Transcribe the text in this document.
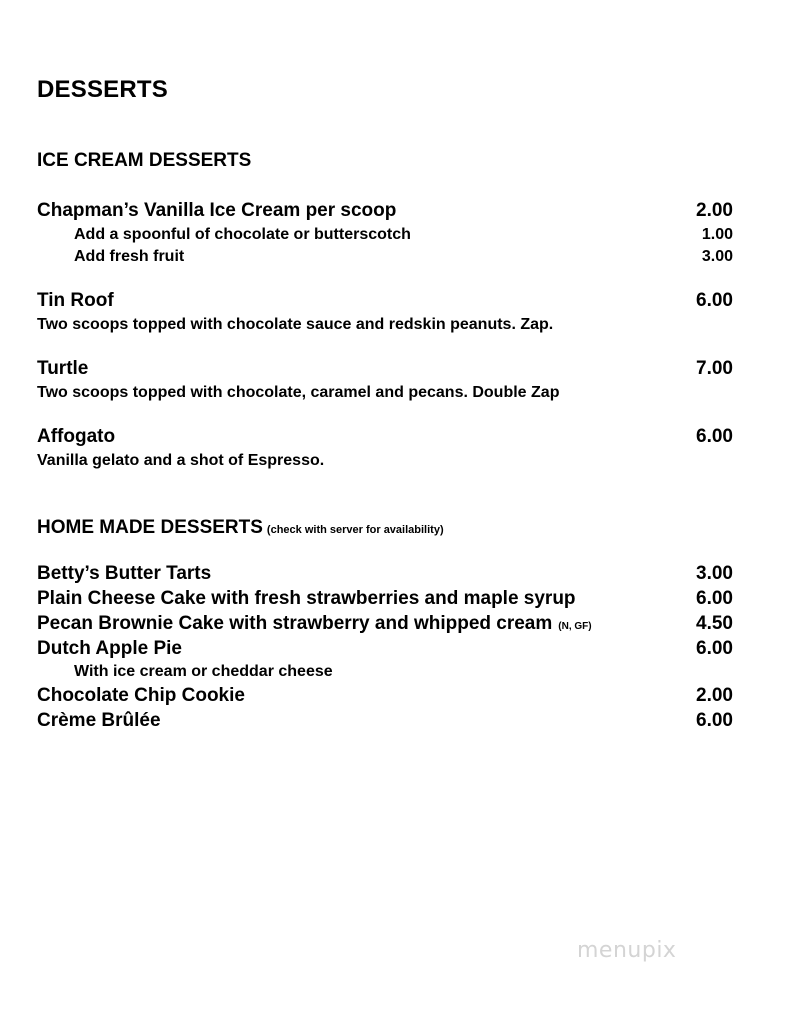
DESSERTS
ICE CREAM DESSERTS
Chapman’s Vanilla Ice Cream per scoop	2.00
Add a spoonful of chocolate or butterscotch	1.00
Add fresh fruit	3.00
Tin Roof	6.00
Two scoops topped with chocolate sauce and redskin peanuts. Zap.
Turtle	7.00
Two scoops topped with chocolate, caramel and pecans. Double Zap
Affogato	6.00
Vanilla gelato and a shot of Espresso.
HOME MADE DESSERTS (check with server for availability)
Betty’s Butter Tarts	3.00
Plain Cheese Cake with fresh strawberries and maple syrup	6.00
Pecan Brownie Cake with strawberry and whipped cream (N, GF)	4.50
Dutch Apple Pie	6.00
With ice cream or cheddar cheese
Chocolate Chip Cookie	2.00
Crème Brûlée	6.00
menupix
